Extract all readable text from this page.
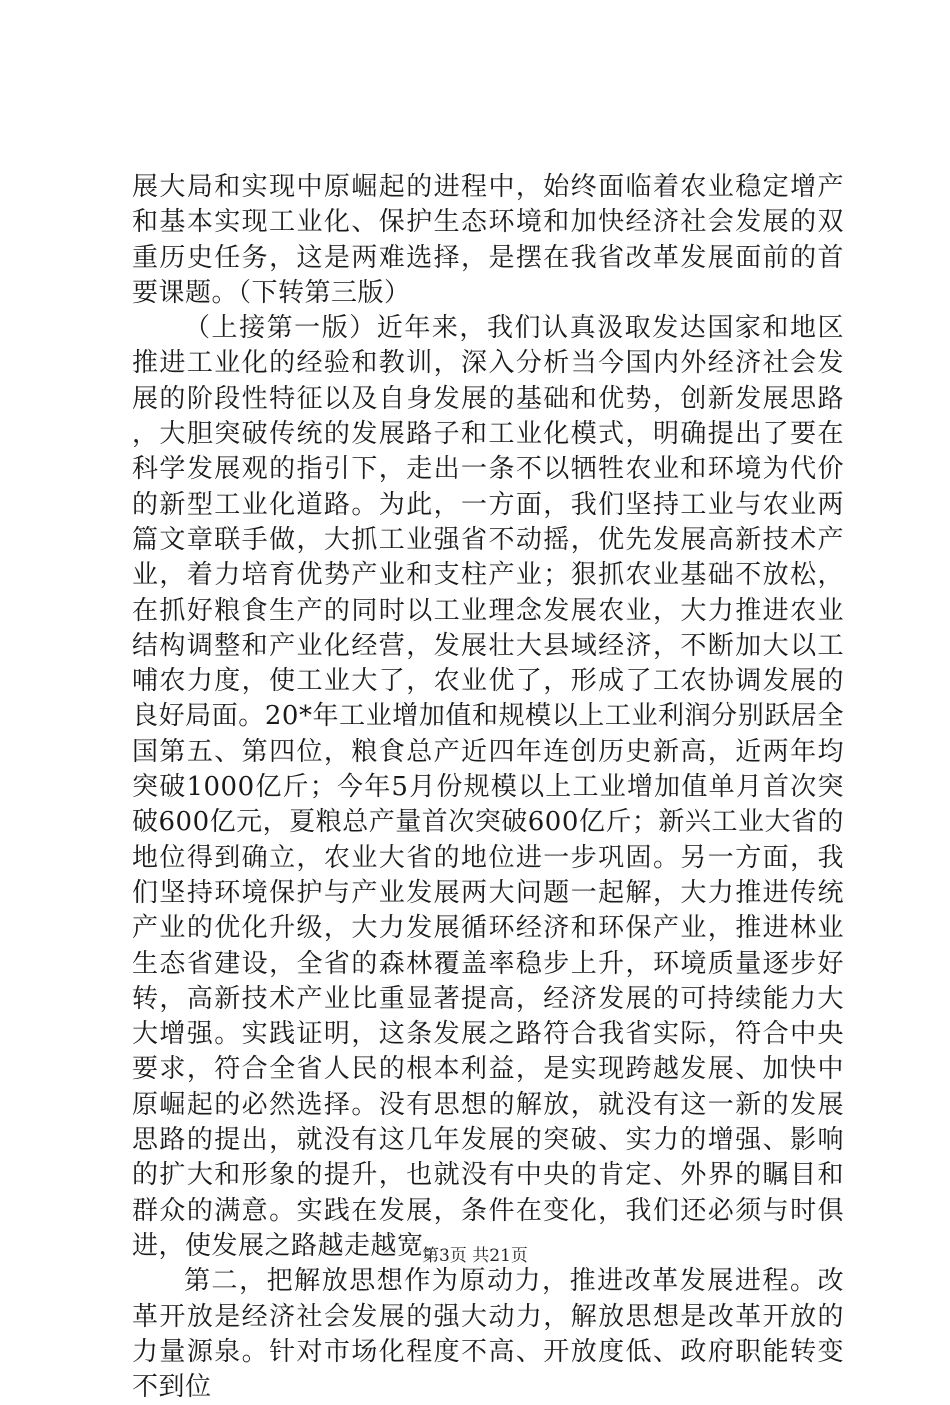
展大局和实现中原崛起的进程中，始终面临着农业稳定增产和基本实现工业化、保护生态环境和加快经济社会发展的双重历史任务，这是两难选择，是摆在我省改革发展面前的首要课题。（下转第三版）

（上接第一版）近年来，我们认真汲取发达国家和地区推进工业化的经验和教训，深入分析当今国内外经济社会发展的阶段性特征以及自身发展的基础和优势，创新发展思路，大胆突破传统的发展路子和工业化模式，明确提出了要在科学发展观的指引下，走出一条不以牺牲农业和环境为代价的新型工业化道路。为此，一方面，我们坚持工业与农业两篇文章联手做，大抓工业强省不动摇，优先发展高新技术产业，着力培育优势产业和支柱产业；狠抓农业基础不放松，在抓好粮食生产的同时以工业理念发展农业，大力推进农业结构调整和产业化经营，发展壮大县域经济，不断加大以工哺农力度，使工业大了，农业优了，形成了工农协调发展的良好局面。20*年工业增加值和规模以上工业利润分别跃居全国第五、第四位，粮食总产近四年连创历史新高，近两年均突破1000亿斤；今年5月份规模以上工业增加值单月首次突破600亿元，夏粮总产量首次突破600亿斤；新兴工业大省的地位得到确立，农业大省的地位进一步巩固。另一方面，我们坚持环境保护与产业发展两大问题一起解，大力推进传统产业的优化升级，大力发展循环经济和环保产业，推进林业生态省建设，全省的森林覆盖率稳步上升，环境质量逐步好转，高新技术产业比重显著提高，经济发展的可持续能力大大增强。实践证明，这条发展之路符合我省实际，符合中央要求，符合全省人民的根本利益，是实现跨越发展、加快中原崛起的必然选择。没有思想的解放，就没有这一新的发展思路的提出，就没有这几年发展的突破、实力的增强、影响的扩大和形象的提升，也就没有中央的肯定、外界的瞩目和群众的满意。实践在发展，条件在变化，我们还必须与时俱进，使发展之路越走越宽。

第二，把解放思想作为原动力，推进改革发展进程。改革开放是经济社会发展的强大动力，解放思想是改革开放的力量源泉。针对市场化程度不高、开放度低、政府职能转变不到位

第3页 共21页
